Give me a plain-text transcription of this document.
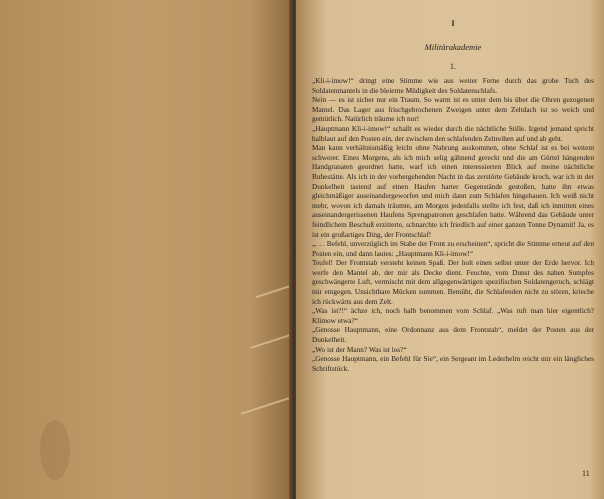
I
Militärakademie
1.

„Kli-i-imow!“ dringt eine Stimme wie aus weiter Ferne durch das grobe Tuch des Soldatenmantels in die bleierne Müdigkeit des Soldatenschlafs.

Nein — es ist sicher nur ein Traum. So warm ist es unter dem bis über die Ohren gezogenen Mantel. Das Lager aus frischgebrochenen Zweigen unter dem Zeltdach ist so weich und gemütlich. Natürlich träume ich nur!

„Hauptmann Kli-i-imow!“ schallt es wieder durch die nächtliche Stille. Irgend jemand spricht halblaut auf den Posten ein, der zwischen den schlafenden Zeltreihen auf und ab geht.

Man kann verhältnismäßig leicht ohne Nahrung auskommen, ohne Schlaf ist es bei weitem schwerer. Eines Morgens, als ich mich selig gähnend gereckt und die am Gürtel hängenden Handgranaten geordnet hatte, warf ich einen interessierten Blick auf meine nächtliche Ruhestätte. Als ich in der vorhergehenden Nacht in das zerstörte Gebäude kroch, war ich in der Dunkelheit tastend auf einen Haufen harter Gegenstände gestoßen, hatte ihn etwas gleichmäßiger auseinandergeworfen und mich dann zum Schlafen hingehauen. Ich weiß nicht mehr, wovon ich damals träumte, am Morgen jedenfalls stellte ich fest, daß ich inmitten eines auseinandergerissenen Haufens Sprengpatronen geschlafen hatte. Während das Gebäude unter feindlichem Beschuß erzitterte, schnarchte ich friedlich auf einer ganzen Tonne Dynamit! Ja, es ist ein großartiges Ding, der Frontschlaf!

„. . . Befehl, unverzüglich im Stabe der Front zu erscheinen“, spricht die Stimme erneut auf den Posten ein, und dann lautes: „Hauptmann Kli-i-imow!“

Teufel! Der Frontstab versteht keinen Spaß. Der holt einen selbst unter der Erde hervor. Ich werfe den Mantel ab, der mir als Decke dient. Feuchte, vom Dunst des nahen Sumpfes geschwängerte Luft, vermischt mit dem allgegenwärtigen spezifischen Soldatengeruch, schlägt mir entgegen. Unsichtbare Mücken summen. Bemüht, die Schlafenden nicht zu stören, krieche ich rückwärts aus dem Zelt.

„Was ist?!“ ächze ich, noch halb benommen vom Schlaf. „Was ruft man hier eigentlich? Klimow etwa?“

„Genosse Hauptmann, eine Ordonnanz aus dem Frontstab“, meldet der Posten aus der Dunkelheit.

„Wo ist der Mann? Was ist los?“

„Genosse Hauptmann, ein Befehl für Sie“, ein Sergeant im Lederhelm reicht mir ein längliches Schriftstück.

11
